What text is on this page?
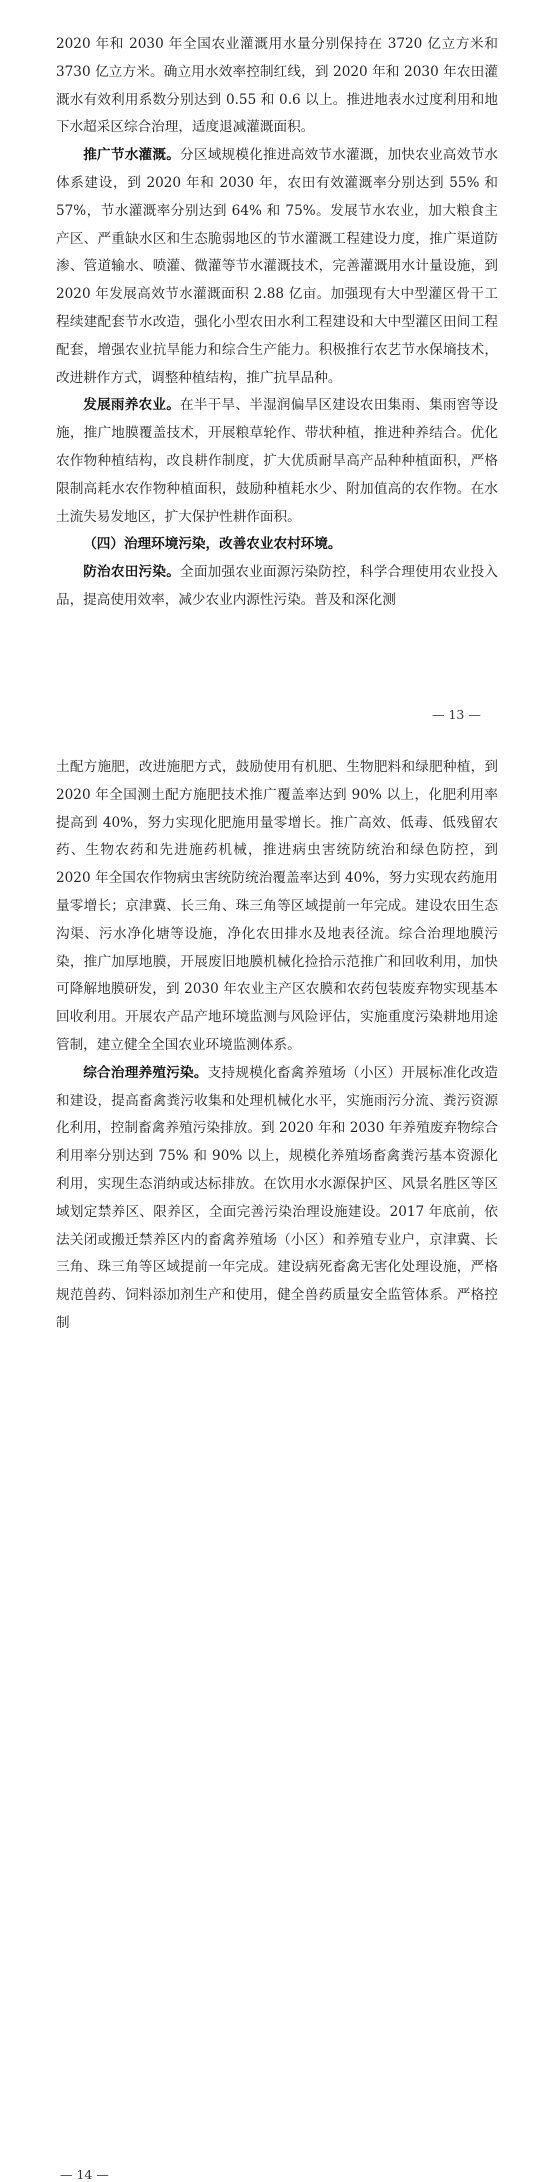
2020 年和 2030 年全国农业灌溉用水量分别保持在 3720 亿立方米和 3730 亿立方米。确立用水效率控制红线，到 2020 年和 2030 年农田灌溉水有效利用系数分别达到 0.55 和 0.6 以上。推进地表水过度利用和地下水超采区综合治理，适度退减灌溉面积。

推广节水灌溉。分区域规模化推进高效节水灌溉，加快农业高效节水体系建设，到 2020 年和 2030 年，农田有效灌溉率分别达到 55% 和 57%，节水灌溉率分别达到 64% 和 75%。发展节水农业，加大粮食主产区、严重缺水区和生态脆弱地区的节水灌溉工程建设力度，推广渠道防渗、管道输水、喷灌、微灌等节水灌溉技术，完善灌溉用水计量设施，到 2020 年发展高效节水灌溉面积 2.88 亿亩。加强现有大中型灌区骨干工程续建配套节水改造，强化小型农田水利工程建设和大中型灌区田间工程配套，增强农业抗旱能力和综合生产能力。积极推行农艺节水保墒技术，改进耕作方式，调整种植结构，推广抗旱品种。

发展雨养农业。在半干旱、半湿润偏旱区建设农田集雨、集雨窖等设施，推广地膜覆盖技术，开展粮草轮作、带状种植，推进种养结合。优化农作物种植结构，改良耕作制度，扩大优质耐旱高产品种种植面积，严格限制高耗水农作物种植面积，鼓励种植耗水少、附加值高的农作物。在水土流失易发地区，扩大保护性耕作面积。

（四）治理环境污染，改善农业农村环境。

防治农田污染。全面加强农业面源污染防控，科学合理使用农业投入品，提高使用效率，减少农业内源性污染。普及和深化测

— 13 —

土配方施肥，改进施肥方式，鼓励使用有机肥、生物肥料和绿肥种植，到 2020 年全国测土配方施肥技术推广覆盖率达到 90% 以上，化肥利用率提高到 40%，努力实现化肥施用量零增长。推广高效、低毒、低残留农药、生物农药和先进施药机械，推进病虫害统防统治和绿色防控，到 2020 年全国农作物病虫害统防统治覆盖率达到 40%，努力实现农药施用量零增长；京津冀、长三角、珠三角等区域提前一年完成。建设农田生态沟渠、污水净化塘等设施，净化农田排水及地表径流。综合治理地膜污染，推广加厚地膜，开展废旧地膜机械化捡拾示范推广和回收利用，加快可降解地膜研发，到 2030 年农业主产区农膜和农药包装废弃物实现基本回收利用。开展农产品产地环境监测与风险评估，实施重度污染耕地用途管制，建立健全全国农业环境监测体系。

综合治理养殖污染。支持规模化畜禽养殖场（小区）开展标准化改造和建设，提高畜禽粪污收集和处理机械化水平，实施雨污分流、粪污资源化利用，控制畜禽养殖污染排放。到 2020 年和 2030 年养殖废弃物综合利用率分别达到 75% 和 90% 以上，规模化养殖场畜禽粪污基本资源化利用，实现生态消纳或达标排放。在饮用水水源保护区、风景名胜区等区域划定禁养区、限养区，全面完善污染治理设施建设。2017 年底前，依法关闭或搬迁禁养区内的畜禽养殖场（小区）和养殖专业户，京津冀、长三角、珠三角等区域提前一年完成。建设病死畜禽无害化处理设施，严格规范兽药、饲料添加剂生产和使用，健全兽药质量安全监管体系。严格控制

— 14 —
